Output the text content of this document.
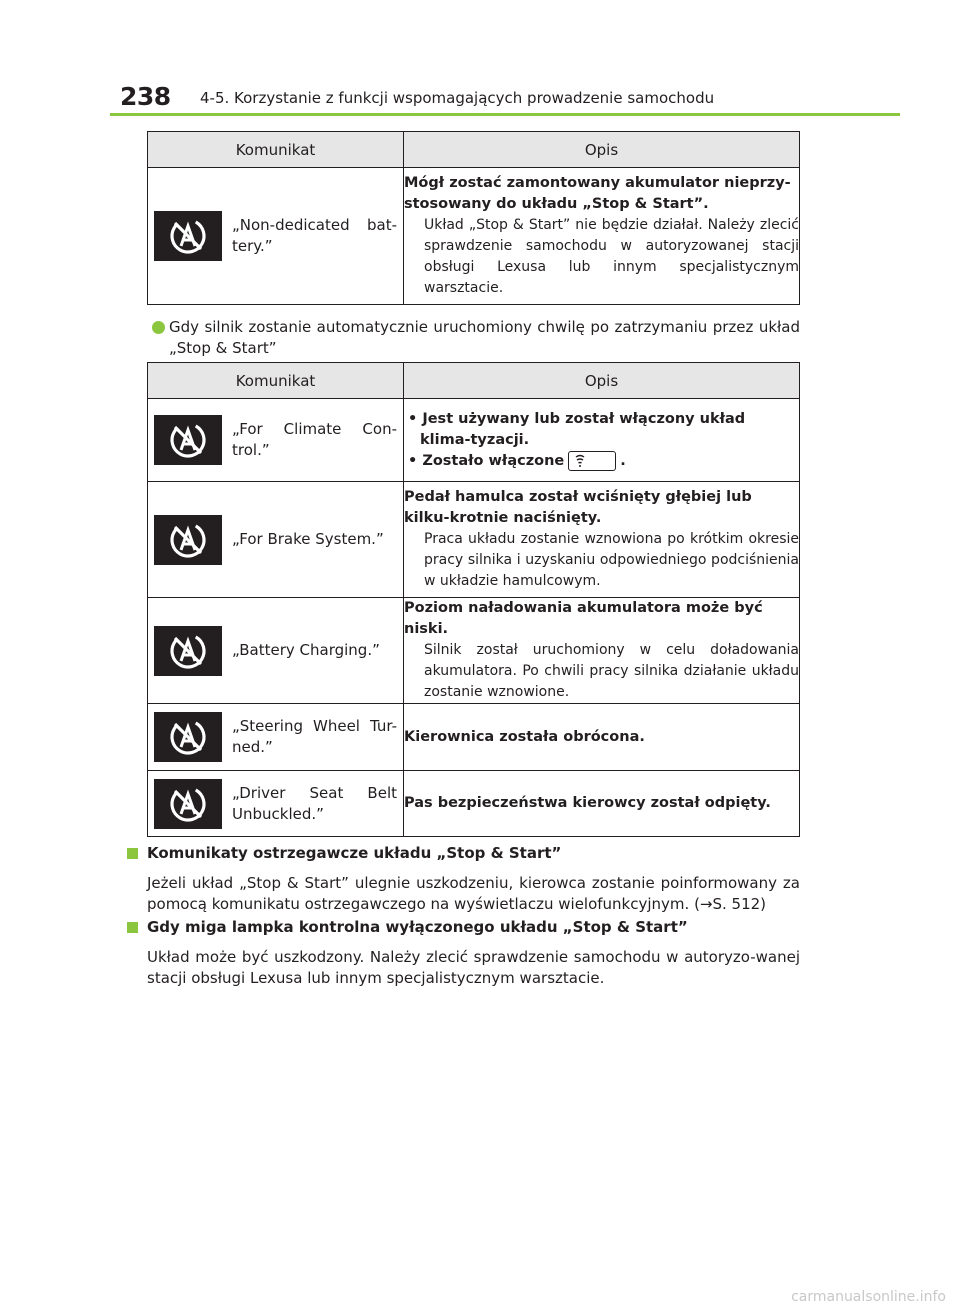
238 4-5. Korzystanie z funkcji wspomagających prowadzenie samochodu
Komunikat	Opis

„Non-dedicated bat-tery.”	Mógł zostać zamontowany akumulator nieprzy-stosowany do układu „Stop & Start”.
Układ „Stop & Start” nie będzie działał. Należy zlecić sprawdzenie samochodu w autoryzowanej stacji obsługi Lexusa lub innym specjalistycznym warsztacie.
Gdy silnik zostanie automatycznie uruchomiony chwilę po zatrzymaniu przez układ „Stop & Start”
Komunikat	Opis

„For Climate Con-trol.”	• Jest używany lub został włączony układ klima-tyzacji.
• Zostało włączone .

„For Brake System.”	Pedał hamulca został wciśnięty głębiej lub kilku-krotnie naciśnięty.
Praca układu zostanie wznowiona po krótkim okresie pracy silnika i uzyskaniu odpowiedniego podciśnienia w układzie hamulcowym.

„Battery Charging.”	Poziom naładowania akumulatora może być niski.
Silnik został uruchomiony w celu doładowania akumulatora. Po chwili pracy silnika działanie układu zostanie wznowione.

„Steering Wheel Tur-ned.”	Kierownica została obrócona.

„Driver Seat Belt Unbuckled.”	Pas bezpieczeństwa kierowcy został odpięty.
Komunikaty ostrzegawcze układu „Stop & Start”
Jeżeli układ „Stop & Start” ulegnie uszkodzeniu, kierowca zostanie poinformowany za pomocą komunikatu ostrzegawczego na wyświetlaczu wielofunkcyjnym. (→S. 512)
Gdy miga lampka kontrolna wyłączonego układu „Stop & Start”
Układ może być uszkodzony. Należy zlecić sprawdzenie samochodu w autoryzo-wanej stacji obsługi Lexusa lub innym specjalistycznym warsztacie.
carmanualsonline.info
